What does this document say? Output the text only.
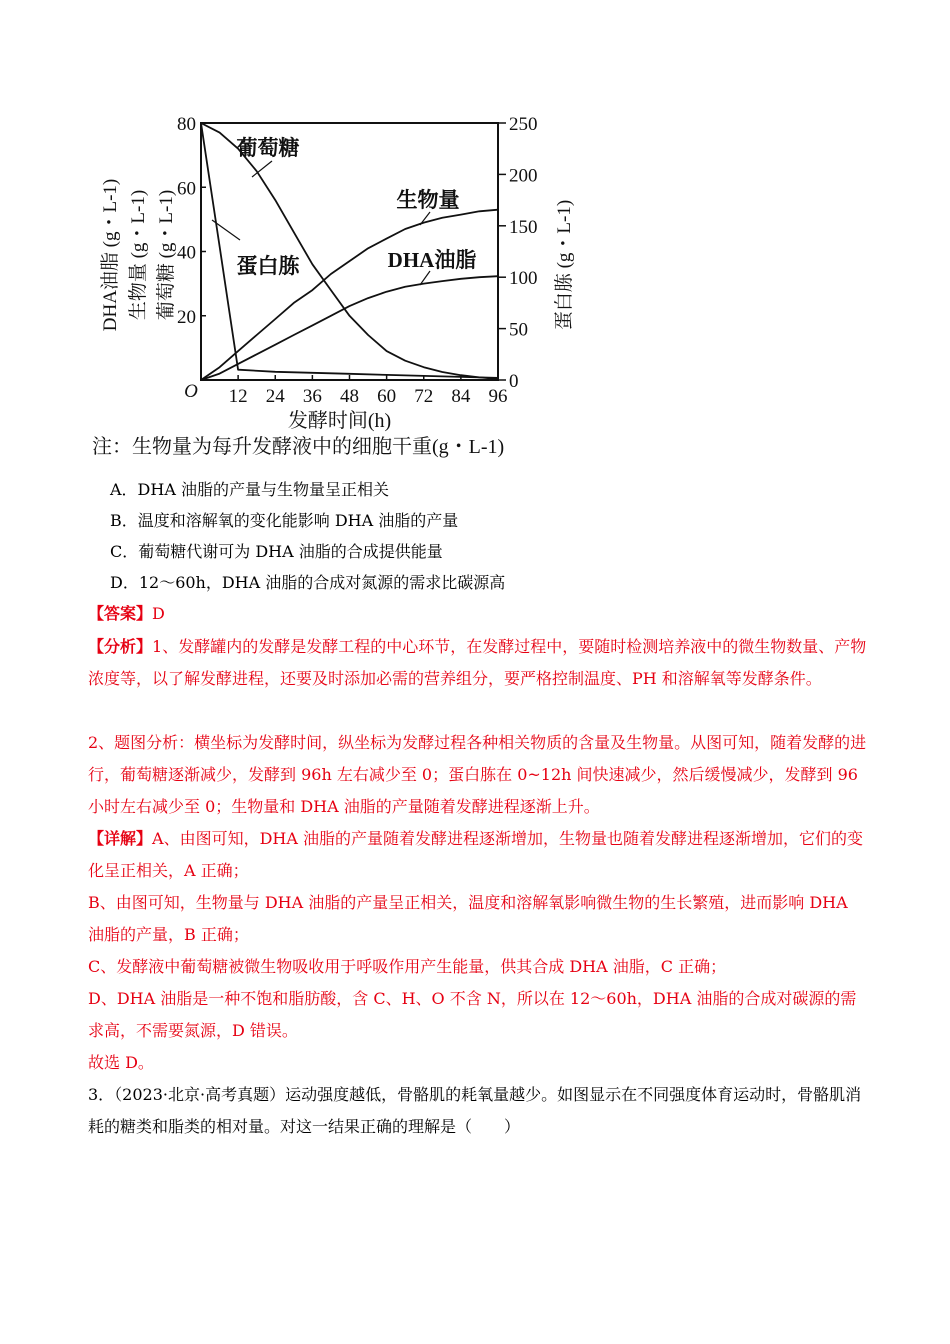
12 24 36 48 60 72 84 96
O
发酵时间(h)
20
40
60
80
0
50
100
150
200
250
DHA油脂 (g・L-1) 生物量 (g・L-1) 葡萄糖 (g・L-1)	蛋白胨 (g・L-1)
葡萄糖
生物量
DHA油脂
蛋白胨
注：生物量为每升发酵液中的细胞干重(g・L-1)
A．DHA 油脂的产量与生物量呈正相关
B．温度和溶解氧的变化能影响 DHA 油脂的产量
C．葡萄糖代谢可为 DHA 油脂的合成提供能量
D．12～60h，DHA 油脂的合成对氮源的需求比碳源高
【答案】D
【分析】1、发酵罐内的发酵是发酵工程的中心环节，在发酵过程中，要随时检测培养液中的微生物数量、产物浓度等，以了解发酵进程，还要及时添加必需的营养组分，要严格控制温度、PH 和溶解氧等发酵条件。
2、题图分析：横坐标为发酵时间，纵坐标为发酵过程各种相关物质的含量及生物量。从图可知，随着发酵的进行，葡萄糖逐渐减少，发酵到 96h 左右减少至 0；蛋白胨在 0~12h 间快速减少，然后缓慢减少，发酵到 96 小时左右减少至 0；生物量和 DHA 油脂的产量随着发酵进程逐渐上升。
【详解】A、由图可知，DHA 油脂的产量随着发酵进程逐渐增加，生物量也随着发酵进程逐渐增加，它们的变化呈正相关，A 正确；
B、由图可知，生物量与 DHA 油脂的产量呈正相关，温度和溶解氧影响微生物的生长繁殖，进而影响 DHA 油脂的产量，B 正确；
C、发酵液中葡萄糖被微生物吸收用于呼吸作用产生能量，供其合成 DHA 油脂，C 正确；
D、DHA 油脂是一种不饱和脂肪酸，含 C、H、O 不含 N，所以在 12～60h，DHA 油脂的合成对碳源的需求高，不需要氮源，D 错误。
故选 D。
3．（2023·北京·高考真题）运动强度越低，骨骼肌的耗氧量越少。如图显示在不同强度体育运动时，骨骼肌消耗的糖类和脂类的相对量。对这一结果正确的理解是（　　）
